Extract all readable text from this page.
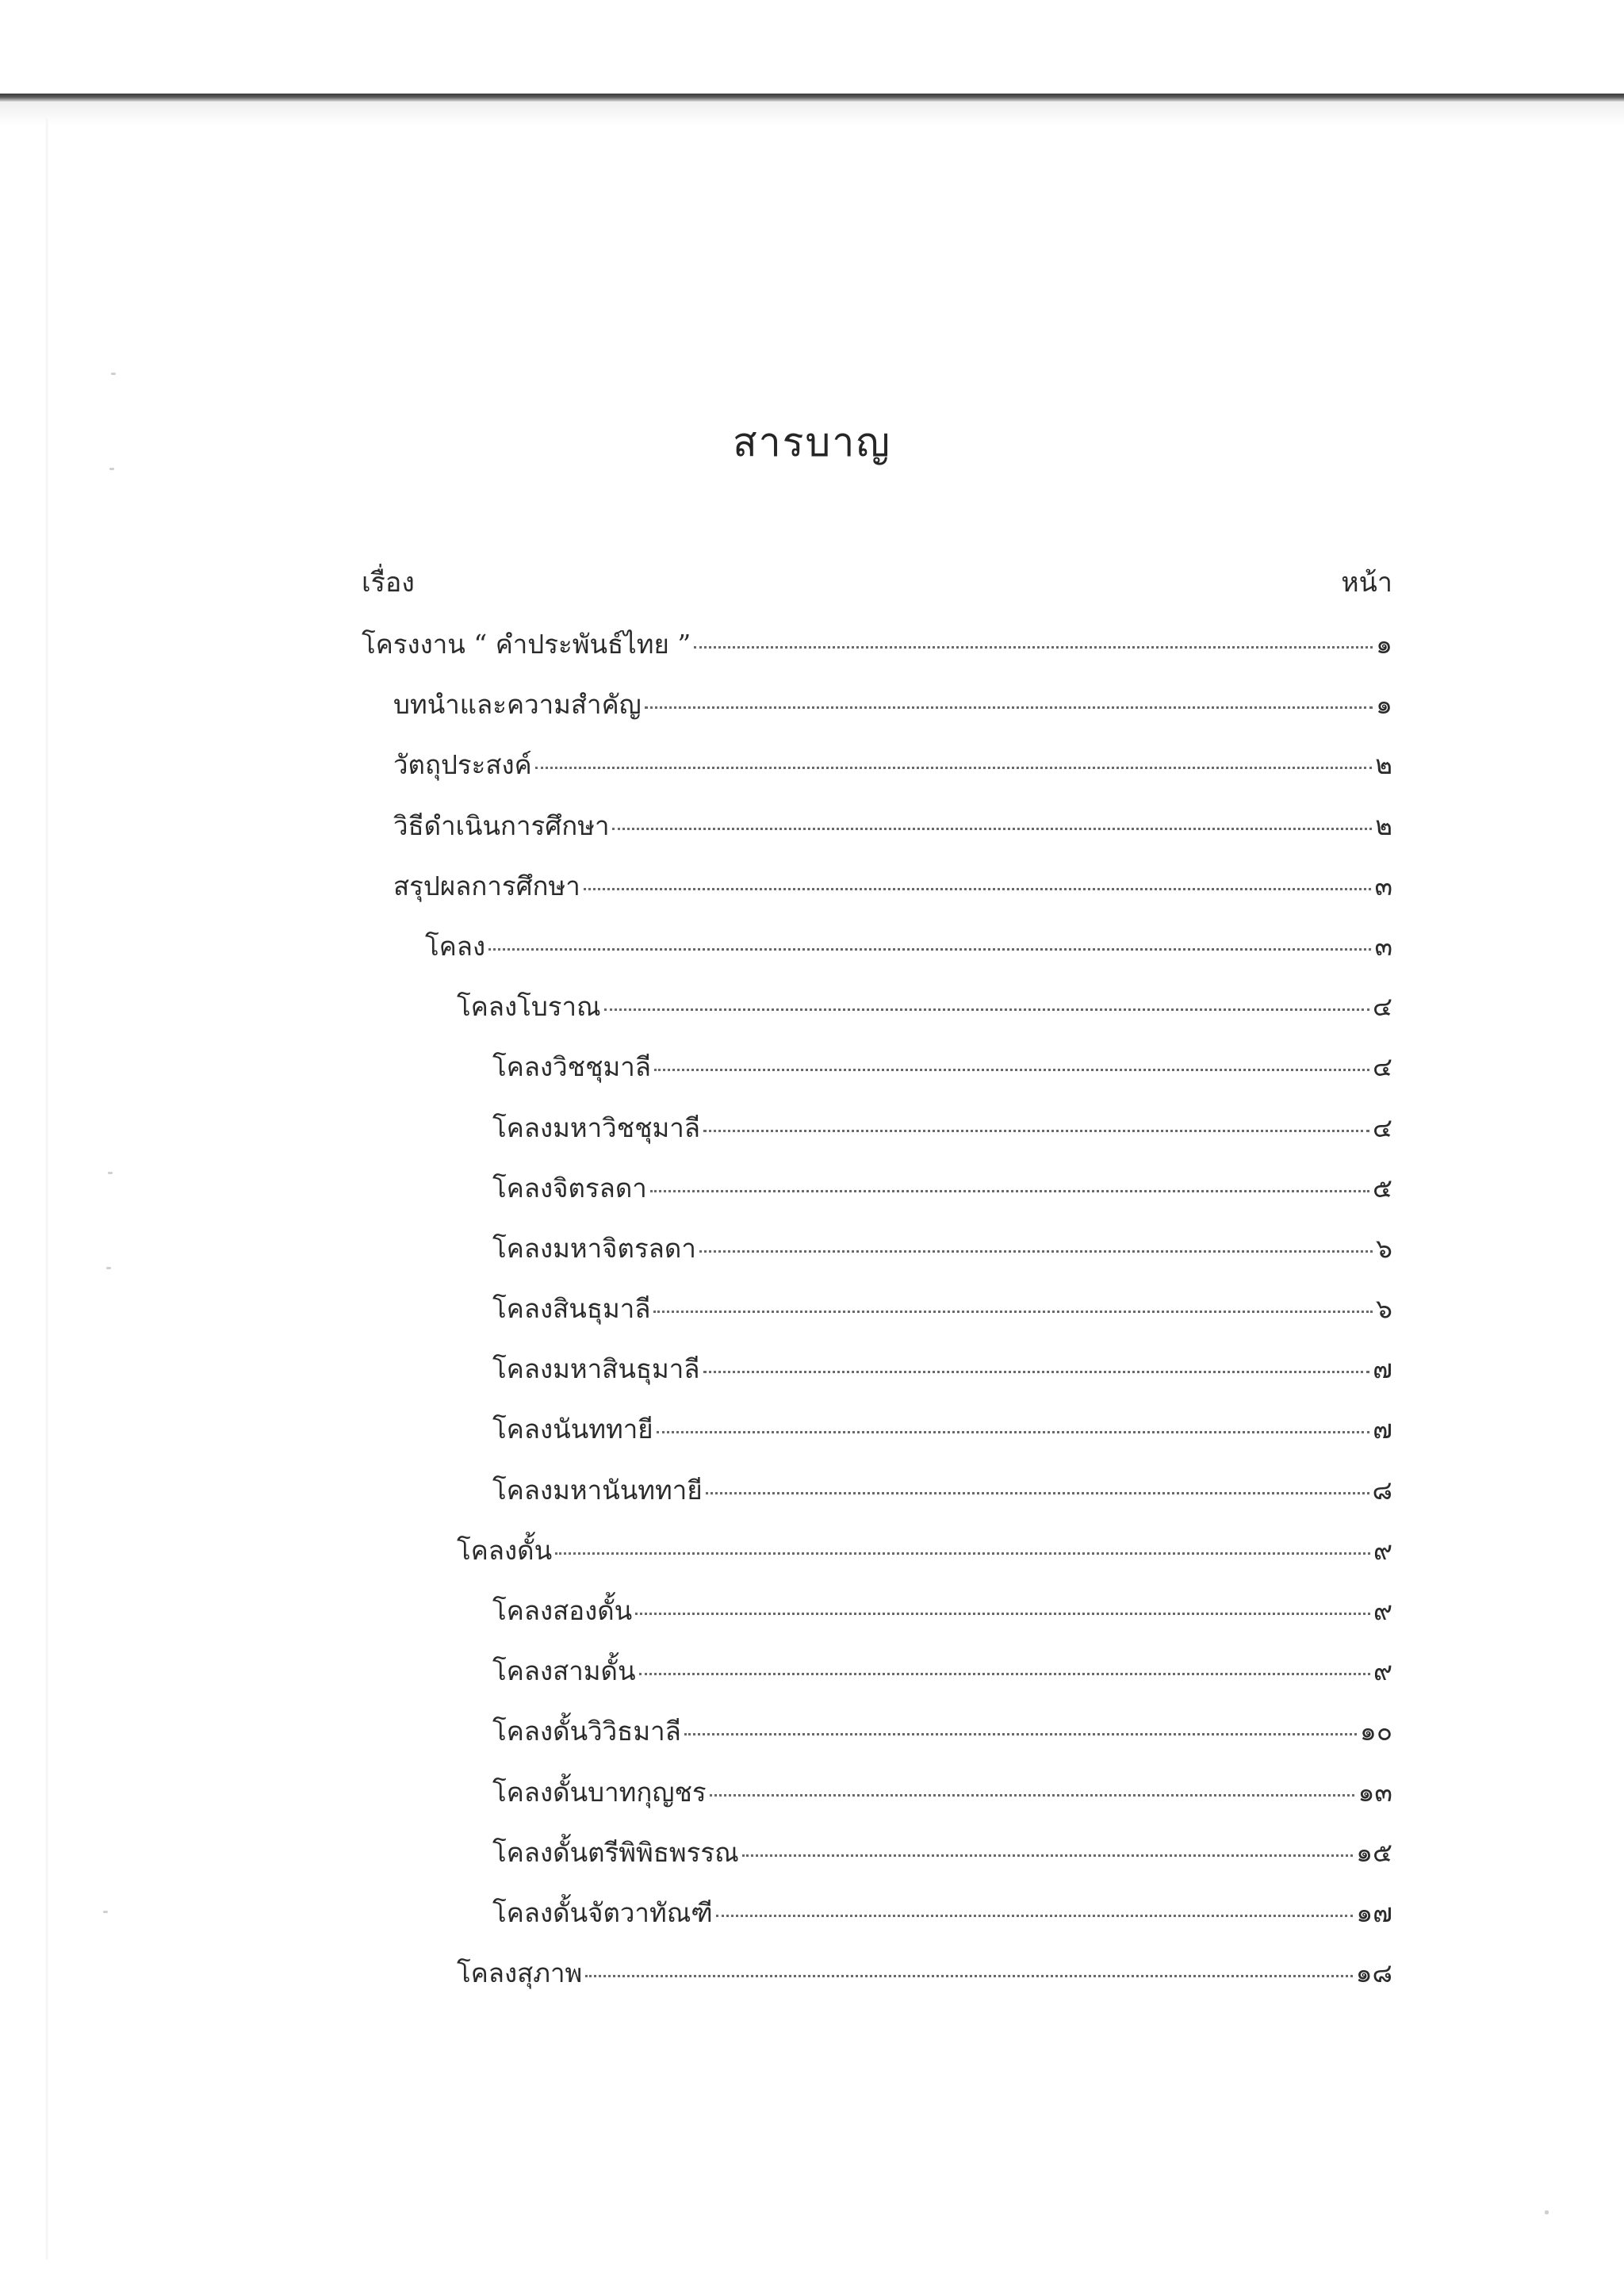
สารบาญ
เรื่อง	หน้า
โครงงาน “ คำประพันธ์ไทย ”	๑
บทนำและความสำคัญ	๑
วัตถุประสงค์	๒
วิธีดำเนินการศึกษา	๒
สรุปผลการศึกษา	๓
โคลง	๓
โคลงโบราณ	๔
โคลงวิชชุมาลี	๔
โคลงมหาวิชชุมาลี	๔
โคลงจิตรลดา	๕
โคลงมหาจิตรลดา	๖
โคลงสินธุมาลี	๖
โคลงมหาสินธุมาลี	๗
โคลงนันททายี	๗
โคลงมหานันททายี	๘
โคลงดั้น	๙
โคลงสองดั้น	๙
โคลงสามดั้น	๙
โคลงดั้นวิวิธมาลี	๑๐
โคลงดั้นบาทกุญชร	๑๓
โคลงดั้นตรีพิพิธพรรณ	๑๕
โคลงดั้นจัตวาทัณฑี	๑๗
โคลงสุภาพ	๑๘
